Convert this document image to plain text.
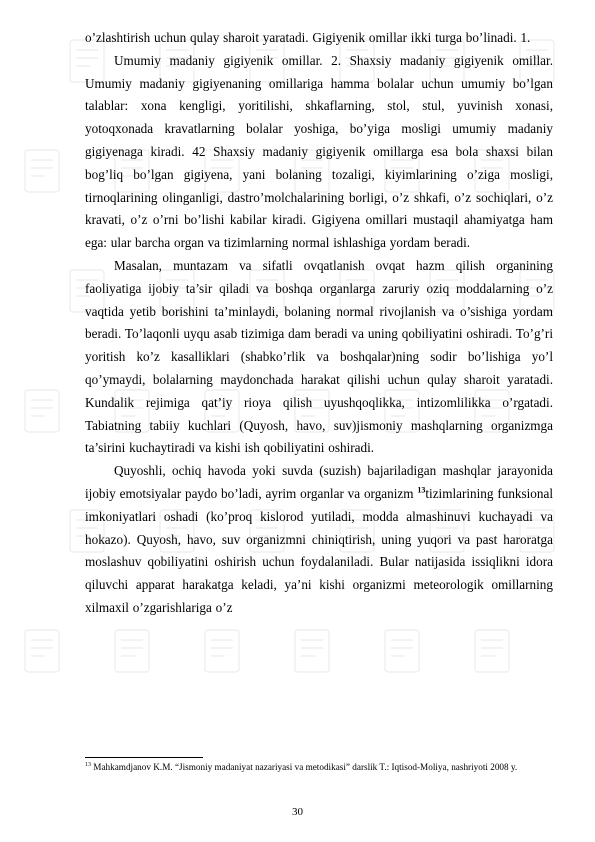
o’zlashtirish uchun qulay sharoit yaratadi. Gigiyenik omillar ikki turga bo’linadi. 1.

Umumiy madaniy gigiyenik omillar. 2. Shaxsiy madaniy gigiyenik omillar. Umumiy madaniy gigiyenaning omillariga hamma bolalar uchun umumiy bo’lgan talablar: xona kengligi, yoritilishi, shkaflarning, stol, stul, yuvinish xonasi, yotoqxonada kravatlarning bolalar yoshiga, bo’yiga mosligi umumiy madaniy gigiyenaga kiradi. 42 Shaxsiy madaniy gigiyenik omillarga esa bola shaxsi bilan bog’liq bo’lgan gigiyena, yani bolaning tozaligi, kiyimlarining o’ziga mosligi, tirnoqlarining olinganligi, dastro’molchalarining borligi, o’z shkafi, o’z sochiqlari, o’z kravati, o’z o’rni bo’lishi kabilar kiradi. Gigiyena omillari mustaqil ahamiyatga ham ega: ular barcha organ va tizimlarning normal ishlashiga yordam beradi.

Masalan, muntazam va sifatli ovqatlanish ovqat hazm qilish organining faoliyatiga ijobiy ta’sir qiladi va boshqa organlarga zaruriy oziq moddalarning o’z vaqtida yetib borishini ta’minlaydi, bolaning normal rivojlanish va o’sishiga yordam beradi. To’laqonli uyqu asab tizimiga dam beradi va uning qobiliyatini oshiradi. To’g’ri yoritish ko’z kasalliklari (shabko’rlik va boshqalar)ning sodir bo’lishiga yo’l qo’ymaydi, bolalarning maydonchada harakat qilishi uchun qulay sharoit yaratadi. Kundalik rejimiga qat’iy rioya qilish uyushqoqlikka, intizomlilikka o’rgatadi. Tabiatning tabiiy kuchlari (Quyosh, havo, suv)jismoniy mashqlarning organizmga ta’sirini kuchaytiradi va kishi ish qobiliyatini oshiradi.

Quyoshli, ochiq havoda yoki suvda (suzish) bajariladigan mashqlar jarayonida ijobiy emotsiyalar paydo bo’ladi, ayrim organlar va organizm $^{13}$tizimlarining funksional imkoniyatlari oshadi (ko’proq kislorod yutiladi, modda almashinuvi kuchayadi va hokazo). Quyosh, havo, suv organizmni chiniqtirish, uning yuqori va past haroratga moslashuv qobiliyatini oshirish uchun foydalaniladi. Bular natijasida issiqlikni idora qiluvchi apparat harakatga keladi, ya’ni kishi organizmi meteorologik omillarning xilmaxil o’zgarishlariga o’z

$^{13}$ Mahkamdjanov K.M. “Jismoniy madaniyat nazariyasi va metodikasi” darslik T.: Iqtisod-Moliya, nashriyoti 2008 y.

30
